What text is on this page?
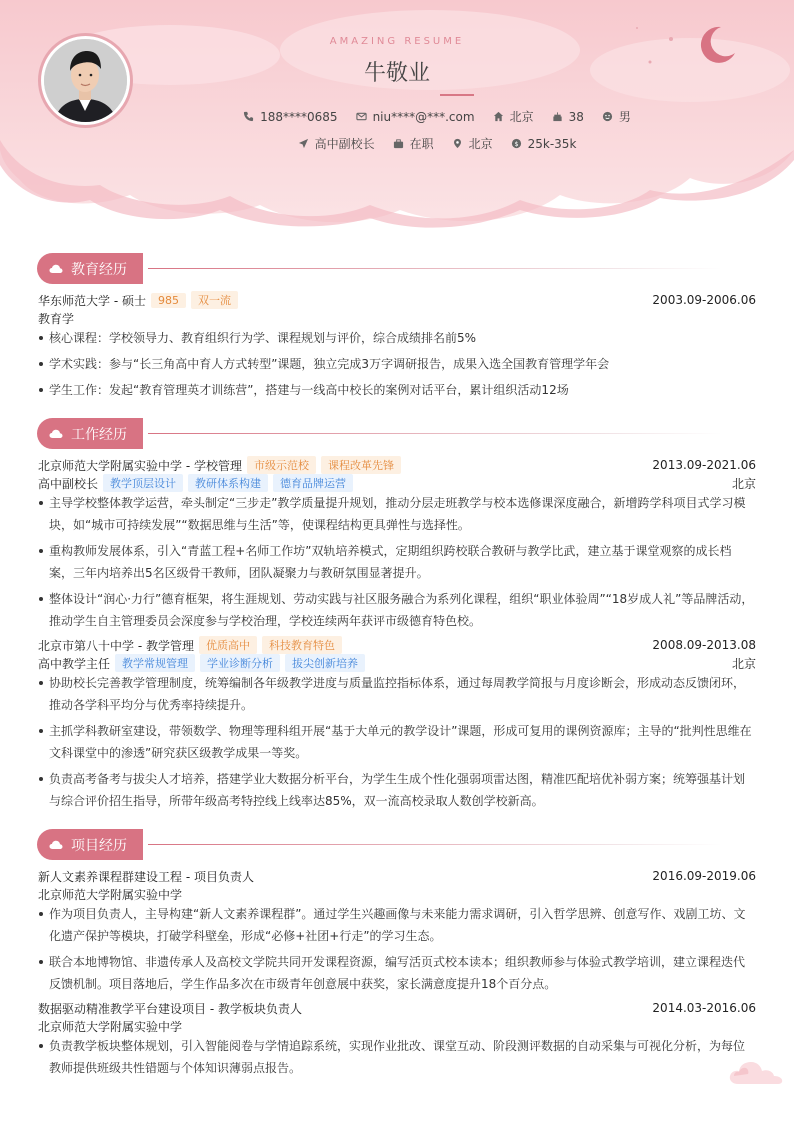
AMAZING RESUME
牛敬业
188****0685	niu****@***.com	北京	38	男
高中副校长	在职	北京	$ 25k-35k
教育经历
华东师范大学 - 硕士	985	双一流	2003.09-2006.06
教育学
核心课程：学校领导力、教育组织行为学、课程规划与评价，综合成绩排名前5%
学术实践：参与“长三角高中育人方式转型”课题，独立完成3万字调研报告，成果入选全国教育管理学年会
学生工作：发起“教育管理英才训练营”，搭建与一线高中校长的案例对话平台，累计组织活动12场
工作经历
北京师范大学附属实验中学 - 学校管理	市级示范校	课程改革先锋	2013.09-2021.06
高中副校长	教学顶层设计	教研体系构建	德育品牌运营	北京
主导学校整体教学运营，牵头制定“三步走”教学质量提升规划，推动分层走班教学与校本选修课深度融合，新增跨学科项目式学习模块，如“城市可持续发展”“数据思维与生活”等，使课程结构更具弹性与选择性。
重构教师发展体系，引入“青蓝工程+名师工作坊”双轨培养模式，定期组织跨校联合教研与教学比武，建立基于课堂观察的成长档案，三年内培养出5名区级骨干教师，团队凝聚力与教研氛围显著提升。
整体设计“润心·力行”德育框架，将生涯规划、劳动实践与社区服务融合为系列化课程，组织“职业体验周”“18岁成人礼”等品牌活动，推动学生自主管理委员会深度参与学校治理，学校连续两年获评市级德育特色校。
北京市第八十中学 - 教学管理	优质高中	科技教育特色	2008.09-2013.08
高中教学主任	教学常规管理	学业诊断分析	拔尖创新培养	北京
协助校长完善教学管理制度，统筹编制各年级教学进度与质量监控指标体系，通过每周教学简报与月度诊断会，形成动态反馈闭环，推动各学科平均分与优秀率持续提升。
主抓学科教研室建设，带领数学、物理等理科组开展“基于大单元的教学设计”课题，形成可复用的课例资源库；主导的“批判性思维在文科课堂中的渗透”研究获区级教学成果一等奖。
负责高考备考与拔尖人才培养，搭建学业大数据分析平台，为学生生成个性化强弱项雷达图，精准匹配培优补弱方案；统筹强基计划与综合评价招生指导，所带年级高考特控线上线率达85%，双一流高校录取人数创学校新高。
项目经历
新人文素养课程群建设工程 - 项目负责人	2016.09-2019.06
北京师范大学附属实验中学
作为项目负责人，主导构建“新人文素养课程群”。通过学生兴趣画像与未来能力需求调研，引入哲学思辨、创意写作、戏剧工坊、文化遗产保护等模块，打破学科壁垒，形成“必修+社团+行走”的学习生态。
联合本地博物馆、非遗传承人及高校文学院共同开发课程资源，编写活页式校本读本；组织教师参与体验式教学培训，建立课程迭代反馈机制。项目落地后，学生作品多次在市级青年创意展中获奖，家长满意度提升18个百分点。
数据驱动精准教学平台建设项目 - 教学板块负责人	2014.03-2016.06
北京师范大学附属实验中学
负责教学板块整体规划，引入智能阅卷与学情追踪系统，实现作业批改、课堂互动、阶段测评数据的自动采集与可视化分析，为每位教师提供班级共性错题与个体知识薄弱点报告。
